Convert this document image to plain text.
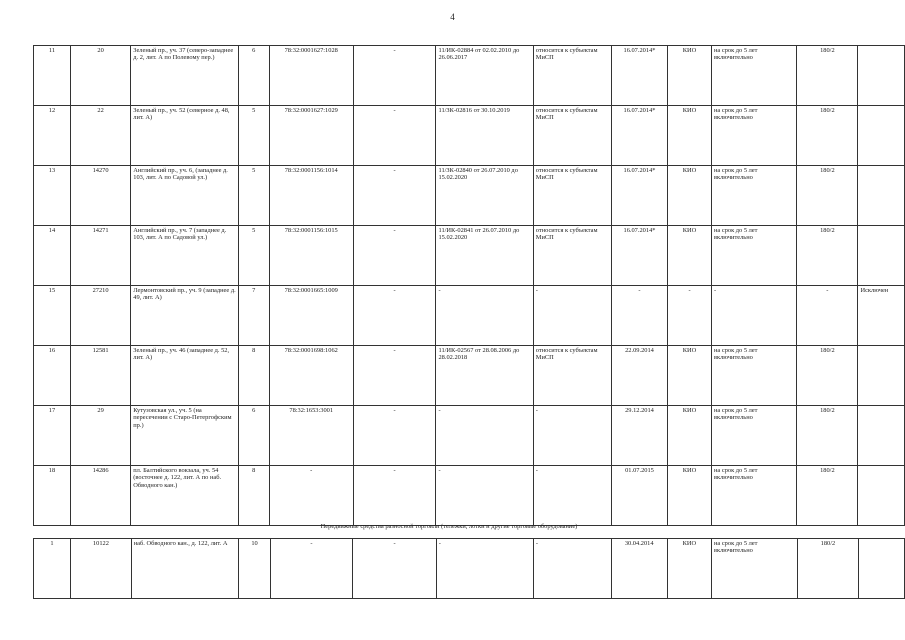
4
11	20	Зеленый пр., уч. 37 (северо-западнее д. 2, лит. А по Полевому пер.)	6	78:32:0001627:1028	-	11/ИК-02884 от 02.02.2010 до 26.06.2017	относится к субъектам МиСП	16.07.2014*	КИО	на срок до 5 лет включительно	180/2	
12	22	Зеленый пр., уч. 52 (северное д. 48, лит. А)	5	78:32:0001627:1029	-	11/ЗК-02816 от 30.10.2019	относится к субъектам МиСП	16.07.2014*	КИО	на срок до 5 лет включительно	180/2	
13	14270	Английский пр., уч. 6, (западнее д. 103, лит. А по Садовой ул.)	5	78:32:0001156:1014	-	11/ЗК-02840 от 26.07.2010 до 15.02.2020	относится к субъектам МиСП	16.07.2014*	КИО	на срок до 5 лет включительно	180/2	
14	14271	Английский пр., уч. 7 (западнее д. 103, лит. А по Садовой ул.)	5	78:32:0001156:1015	-	11/ИК-02841 от 26.07.2010 до 15.02.2020	относится к субъектам МиСП	16.07.2014*	КИО	на срок до 5 лет включительно	180/2	
15	27210	Лермонтовский пр., уч. 9 (западнее д. 49, лит. А)	7	78:32:0001665:1009	-	-	-	-	-	-	-	Исключен
16	12581	Зеленый пр., уч. 46 (западнее д. 52, лит. А)	8	78:32:0001698:1062	-	11/ИК-02567 от 28.08.2006 до 28.02.2018	относится к субъектам МиСП	22.09.2014	КИО	на срок до 5 лет включительно	180/2	
17	29	Кутузовская ул., уч. 5 (на пересечении с Старо-Петергофским пр.)	6	78:32:1653:3001	-	-	-	29.12.2014	КИО	на срок до 5 лет включительно	180/2	
18	14286	пл. Балтийского вокзала, уч. 54 (восточнее д. 122, лит. А по наб. Обводного кан.)	8	-	-	-	-	01.07.2015	КИО	на срок до 5 лет включительно	180/2	
Передвижные средства разносной торговли (тележки, лотки и другие торговые оборудование)
1	10122	наб. Обводного кан., д. 122, лит. А	10	-	-	-	-	30.04.2014	КИО	на срок до 5 лет включительно	180/2	
